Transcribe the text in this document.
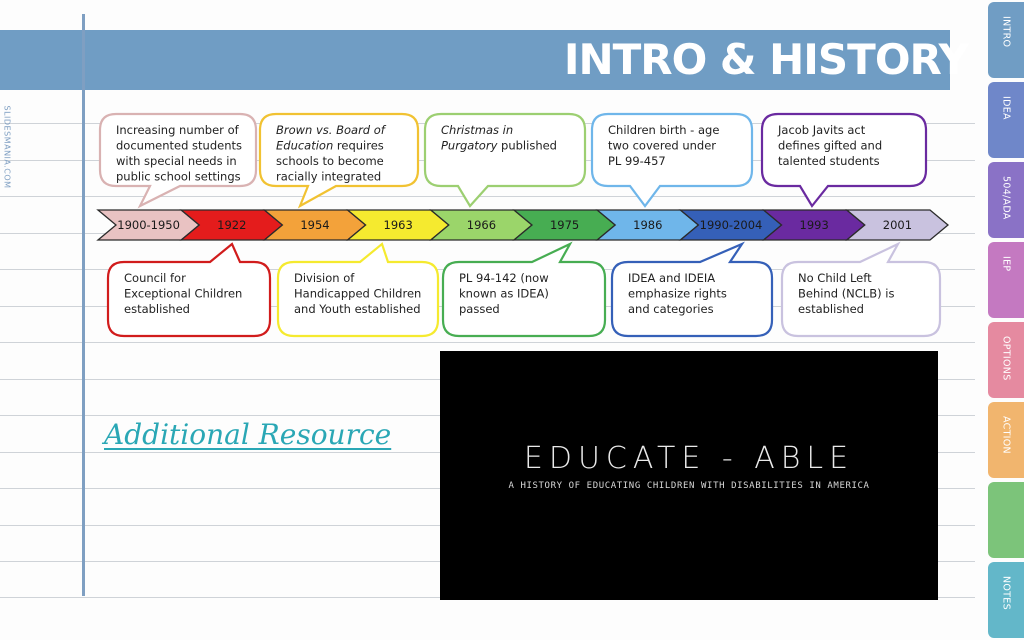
INTRO & HISTORY
SLIDESMANIA.COM
1900-1950	1922	1954	1963	1966	1975	1986	1990-2004	1993	2001
Increasing number of
documented students
with special needs in
public school settings
Brown vs. Board of
Education requires
schools to become
racially integrated
Christmas in
Purgatory published
Children birth - age
two covered under
PL 99-457
Jacob Javits act
defines gifted and
talented students
Council for
Exceptional Children
established
Division of
Handicapped Children
and Youth established
PL 94-142 (now
known as IDEA)
passed
IDEA and IDEIA
emphasize rights
and categories
No Child Left
Behind (NCLB) is
established
Additional Resource
EDUCATE - ABLE
A HISTORY OF EDUCATING CHILDREN WITH DISABILITIES IN AMERICA
INTRO
IDEA
504/ADA
IEP
OPTIONS
ACTION
NOTES
